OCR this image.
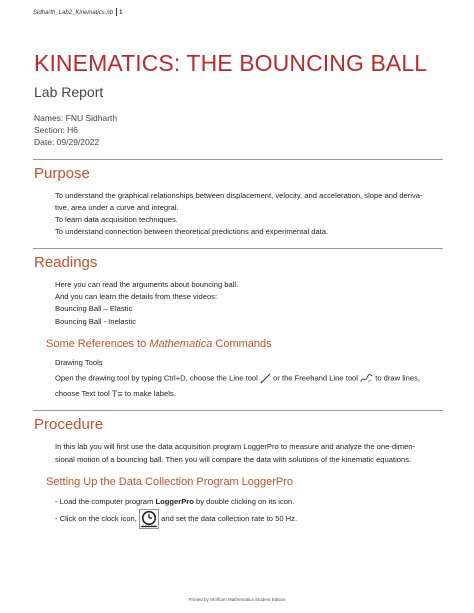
Sidharth_Lab2_Kinematics.nb 1
KINEMATICS: THE BOUNCING BALL
Lab Report
Names: FNU Sidharth
Section: H6
Date: 09/29/2022
Purpose
To understand the graphical relationships between displacement, velocity, and acceleration, slope and deriva-
tive, area under a curve and integral.
To learn data acquisition techniques.
To understand connection between theoretical predictions and experimental data.
Readings
Here you can read the arguments about bouncing ball.
And you can learn the details from these videos:
Bouncing Ball – Elastic
Bouncing Ball - Inelastic
Some References to Mathematica Commands
Drawing Tools
Open the drawing tool by typing Ctrl+D, choose the Line tool or the Freehand Line tool to draw lines,
choose Text tool T≡ to make labels.
Procedure
In this lab you will first use the data acquisition program LoggerPro to measure and analyze the one-dimen-
sional motion of a bouncing ball. Then you will compare the data with solutions of the kinematic equations.
Setting Up the Data Collection Program LoggerPro
- Load the computer program LoggerPro by double clicking on its icon.
- Click on the clock icon,	and set the data collection rate to 50 Hz.
Printed by Wolfram Mathematica Student Edition
